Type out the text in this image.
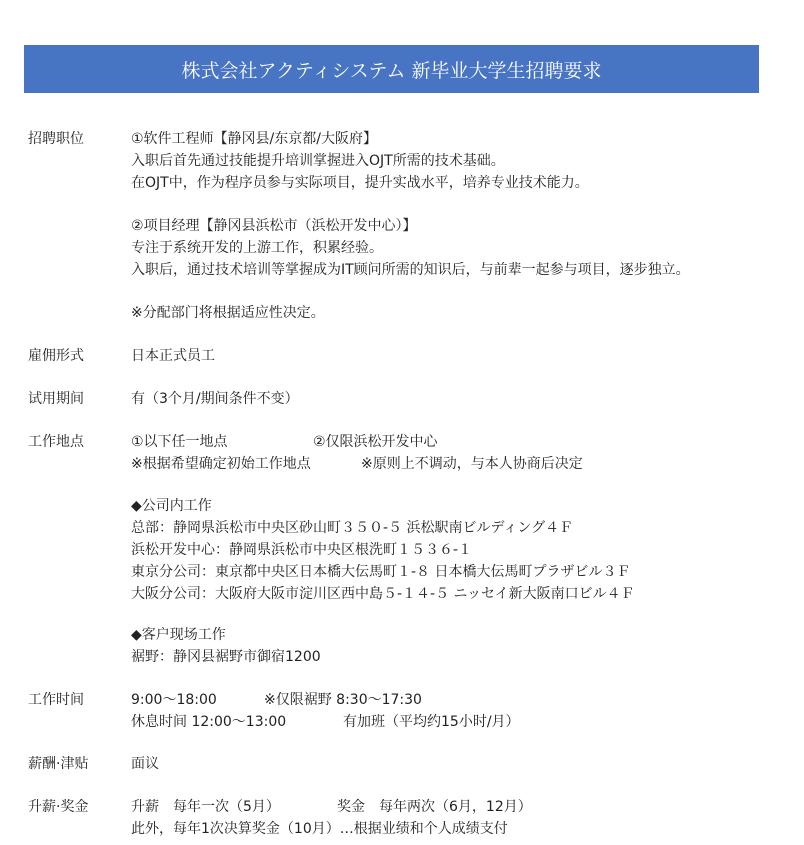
株式会社アクティシステム 新毕业大学生招聘要求
招聘职位	①软件工程师【静冈县/东京都/大阪府】
入职后首先通过技能提升培训掌握进入OJT所需的技术基础。
在OJT中，作为程序员参与实际项目，提升实战水平，培养专业技术能力。
②项目经理【静冈县浜松市（浜松开发中心）】
专注于系统开发的上游工作，积累经验。
入职后，通过技术培训等掌握成为IT顾问所需的知识后，与前辈一起参与项目，逐步独立。
※分配部门将根据适应性决定。
雇佣形式	日本正式员工
试用期间	有（3个月/期间条件不变）
工作地点	①以下任一地点	②仅限浜松开发中心
※根据希望确定初始工作地点	※原则上不调动，与本人协商后决定
◆公司内工作
总部：静岡県浜松市中央区砂山町３５０-５ 浜松駅南ビルディング４Ｆ
浜松开发中心：静岡県浜松市中央区根洗町１５３６-１
東京分公司：東京都中央区日本橋大伝馬町１-８ 日本橋大伝馬町プラザビル３Ｆ
大阪分公司：大阪府大阪市淀川区西中島５-１４-５ ニッセイ新大阪南口ビル４Ｆ
◆客户现场工作
裾野：静冈县裾野市御宿1200
工作时间	9:00～18:00	※仅限裾野 8:30～17:30
休息时间 12:00～13:00	有加班（平均约15小时/月）
薪酬·津贴	面议
升薪·奖金	升薪　每年一次（5月）	奖金　每年两次（6月，12月）
此外，每年1次决算奖金（10月）…根据业绩和个人成绩支付
